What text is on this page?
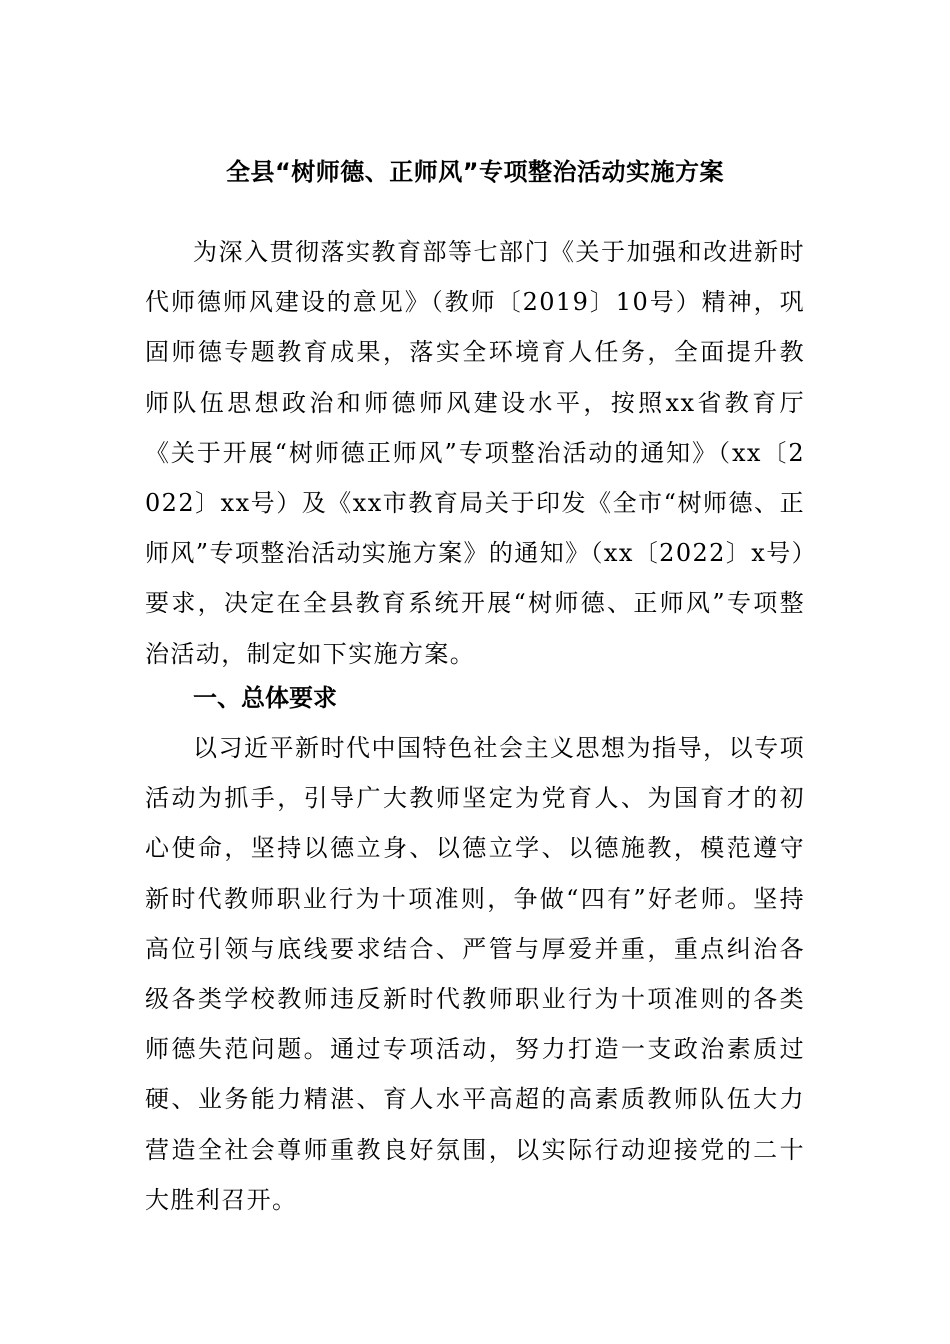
全县“树师德、正师风”专项整治活动实施方案

为深入贯彻落实教育部等七部门《关于加强和改进新时代师德师风建设的意见》（教师〔2019〕10号）精神，巩固师德专题教育成果，落实全环境育人任务，全面提升教师队伍思想政治和师德师风建设水平，按照xx省教育厅《关于开展“树师德正师风”专项整治活动的通知》（xx〔2022〕xx号）及《xx市教育局关于印发《全市“树师德、正师风”专项整治活动实施方案》的通知》（xx〔2022〕x号）要求，决定在全县教育系统开展“树师德、正师风”专项整治活动，制定如下实施方案。

一、总体要求

以习近平新时代中国特色社会主义思想为指导，以专项活动为抓手，引导广大教师坚定为党育人、为国育才的初心使命，坚持以德立身、以德立学、以德施教，模范遵守新时代教师职业行为十项准则，争做“四有”好老师。坚持高位引领与底线要求结合、严管与厚爱并重，重点纠治各级各类学校教师违反新时代教师职业行为十项准则的各类师德失范问题。通过专项活动，努力打造一支政治素质过硬、业务能力精湛、育人水平高超的高素质教师队伍大力营造全社会尊师重教良好氛围，以实际行动迎接党的二十大胜利召开。
